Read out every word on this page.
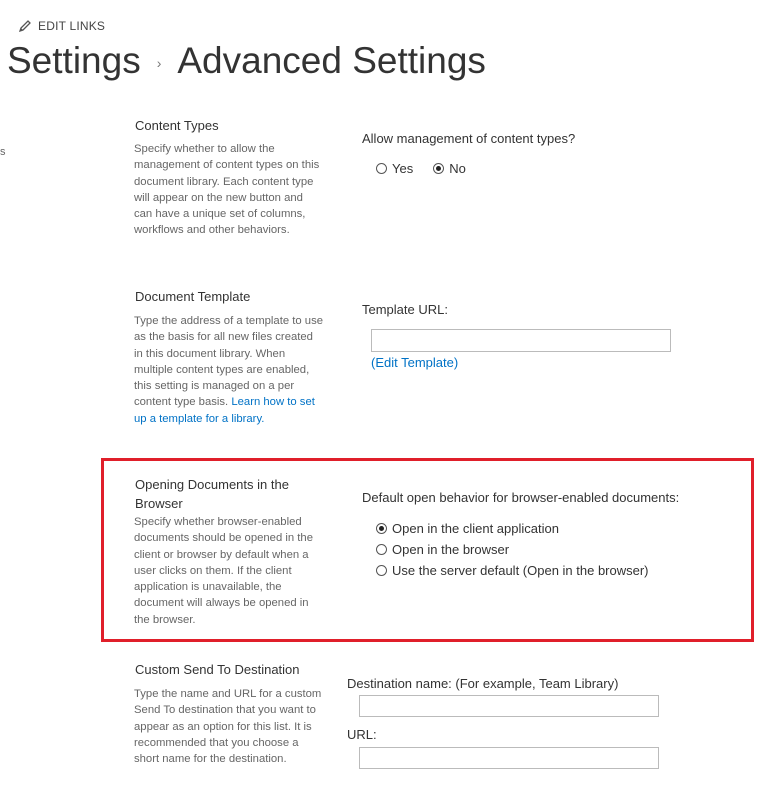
EDIT LINKS
Settings › Advanced Settings
s
Content Types
Specify whether to allow the management of content types on this document library. Each content type will appear on the new button and can have a unique set of columns, workflows and other behaviors.
Allow management of content types?
Yes	No
Document Template
Type the address of a template to use as the basis for all new files created in this document library. When multiple content types are enabled, this setting is managed on a per content type basis. Learn how to set up a template for a library.
Template URL:
(Edit Template)
Opening Documents in the Browser
Specify whether browser-enabled documents should be opened in the client or browser by default when a user clicks on them. If the client application is unavailable, the document will always be opened in the browser.
Default open behavior for browser-enabled documents:
Open in the client application
Open in the browser
Use the server default (Open in the browser)
Custom Send To Destination
Type the name and URL for a custom Send To destination that you want to appear as an option for this list. It is recommended that you choose a short name for the destination.
Destination name: (For example, Team Library)
URL:
